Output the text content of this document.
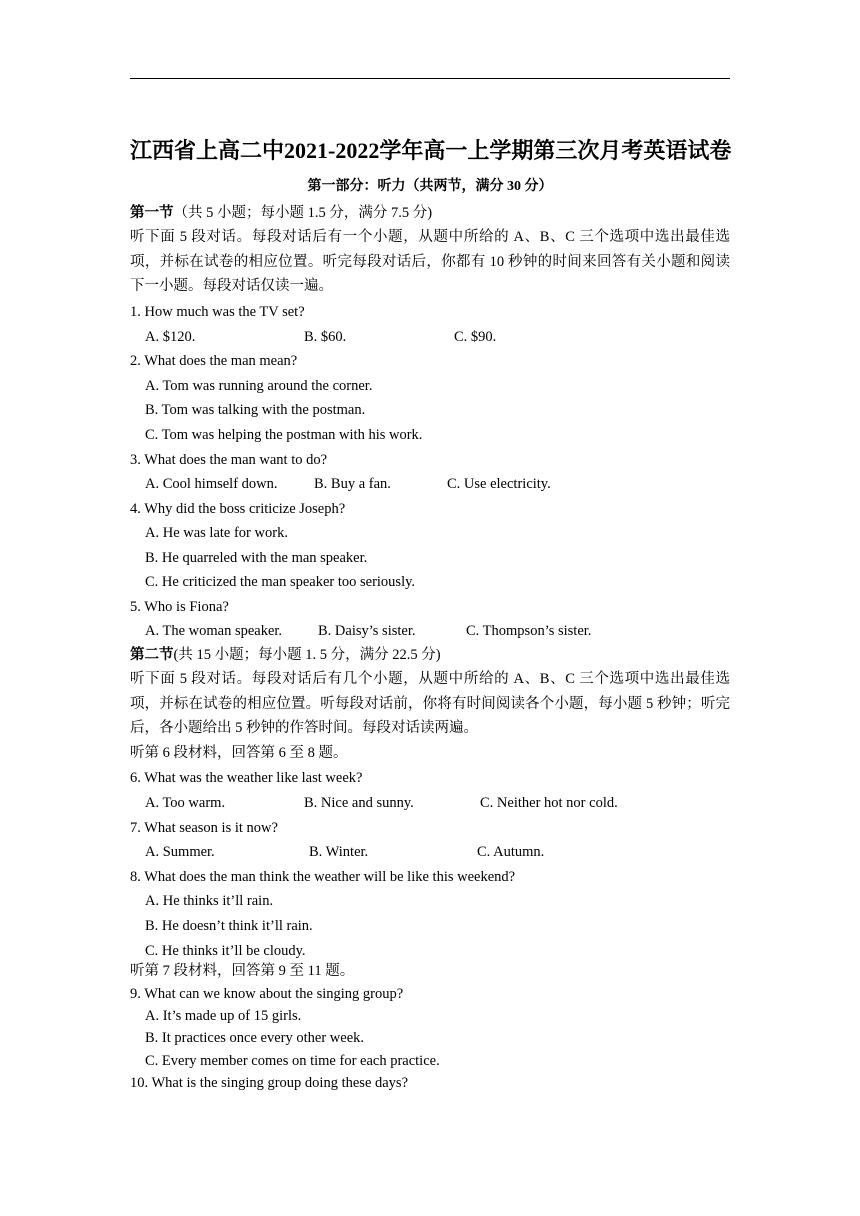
江西省上高二中2021-2022学年高一上学期第三次月考英语试卷
第一部分：听力（共两节，满分 30 分）
第一节（共 5 小题；每小题 1.5 分，满分 7.5 分)
听下面 5 段对话。每段对话后有一个小题，从题中所给的 A、B、C 三个选项中选出最佳选项，并标在试卷的相应位置。听完每段对话后，你都有 10 秒钟的时间来回答有关小题和阅读下一小题。每段对话仅读一遍。
1. How much was the TV set?
A. $120.	B. $60.	C. $90.
2. What does the man mean?
A. Tom was running around the corner.
B. Tom was talking with the postman.
C. Tom was helping the postman with his work.
3. What does the man want to do?
A. Cool himself down.	B. Buy a fan.	C. Use electricity.
4. Why did the boss criticize Joseph?
A. He was late for work.
B. He quarreled with the man speaker.
C. He criticized the man speaker too seriously.
5. Who is Fiona?
A. The woman speaker. B. Daisy’s sister.	C. Thompson’s sister.
第二节(共 15 小题；每小题 1. 5 分，满分 22.5 分)
听下面 5 段对话。每段对话后有几个小题，从题中所给的 A、B、C 三个选项中选出最佳选项，并标在试卷的相应位置。听每段对话前，你将有时间阅读各个小题，每小题 5 秒钟；听完后，各小题给出 5 秒钟的作答时间。每段对话读两遍。
听第 6 段材料，回答第 6 至 8 题。
6. What was the weather like last week?
A. Too warm.	B. Nice and sunny.	C. Neither hot nor cold.
7. What season is it now?
A. Summer.	B. Winter.	C. Autumn.
8. What does the man think the weather will be like this weekend?
A. He thinks it’ll rain.
B. He doesn’t think it’ll rain.
C. He thinks it’ll be cloudy.
听第 7 段材料，回答第 9 至 11 题。
9. What can we know about the singing group?
A. It’s made up of 15 girls.
B. It practices once every other week.
C. Every member comes on time for each practice.
10. What is the singing group doing these days?
